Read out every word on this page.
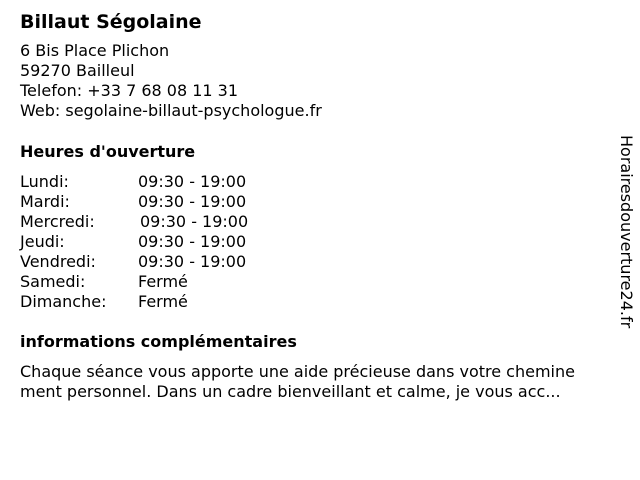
Billaut Ségolaine
6 Bis Place Plichon
59270 Bailleul
Telefon: +33 7 68 08 11 31
Web: segolaine-billaut-psychologue.fr
Heures d'ouverture
Lundi:	09:30 - 19:00
Mardi:	09:30 - 19:00
Mercredi:	09:30 - 19:00
Jeudi:	09:30 - 19:00
Vendredi:	09:30 - 19:00
Samedi:	Fermé
Dimanche: Fermé
informations complémentaires
Chaque séance vous apporte une aide précieuse dans votre chemine
ment personnel. Dans un cadre bienveillant et calme, je vous acc...
Horairesdouverture24.fr
